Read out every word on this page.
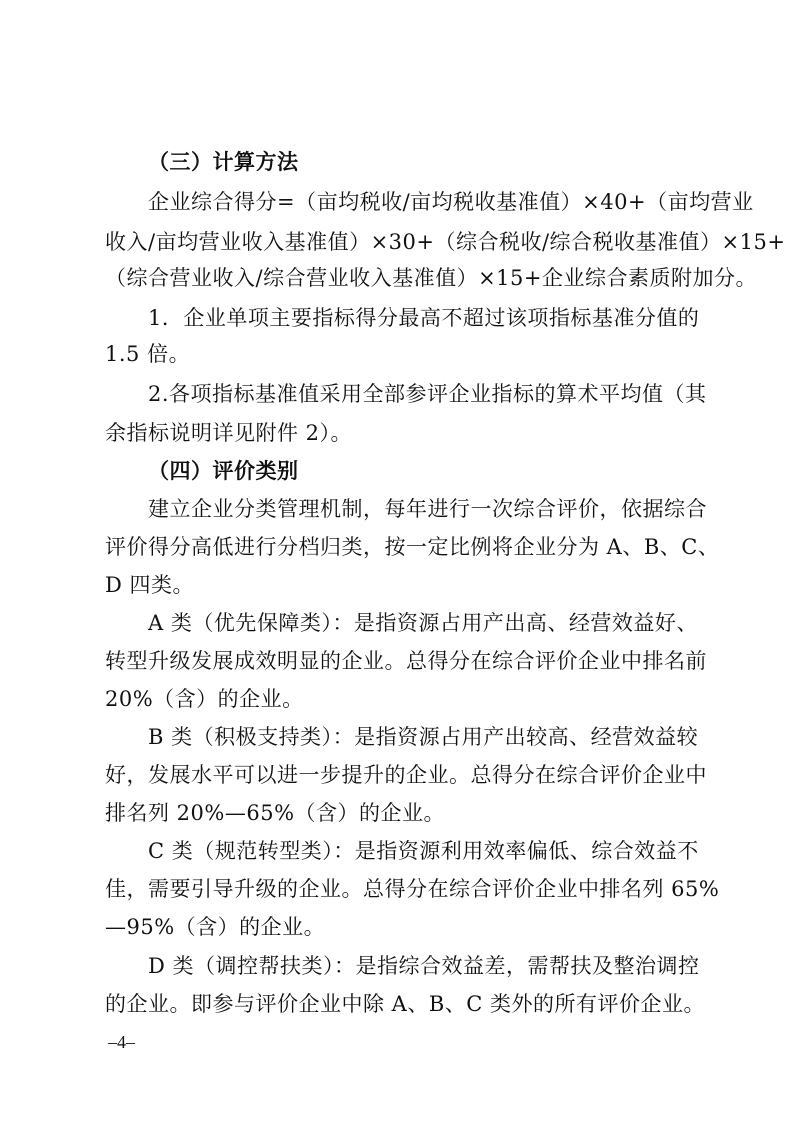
（三）计算方法
企业综合得分=（亩均税收/亩均税收基准值）×40+（亩均营业
收入/亩均营业收入基准值）×30+（综合税收/综合税收基准值）×15+
（综合营业收入/综合营业收入基准值）×15+企业综合素质附加分。
1．企业单项主要指标得分最高不超过该项指标基准分值的
1.5 倍。
2.各项指标基准值采用全部参评企业指标的算术平均值（其
余指标说明详见附件 2）。
（四）评价类别
建立企业分类管理机制，每年进行一次综合评价，依据综合
评价得分高低进行分档归类，按一定比例将企业分为 A、B、C、
D 四类。
A 类（优先保障类）：是指资源占用产出高、经营效益好、
转型升级发展成效明显的企业。总得分在综合评价企业中排名前
20%（含）的企业。
B 类（积极支持类）：是指资源占用产出较高、经营效益较
好，发展水平可以进一步提升的企业。总得分在综合评价企业中
排名列 20%—65%（含）的企业。
C 类（规范转型类）：是指资源利用效率偏低、综合效益不
佳，需要引导升级的企业。总得分在综合评价企业中排名列 65%
—95%（含）的企业。
D 类（调控帮扶类）：是指综合效益差，需帮扶及整治调控
的企业。即参与评价企业中除 A、B、C 类外的所有评价企业。
–4–
